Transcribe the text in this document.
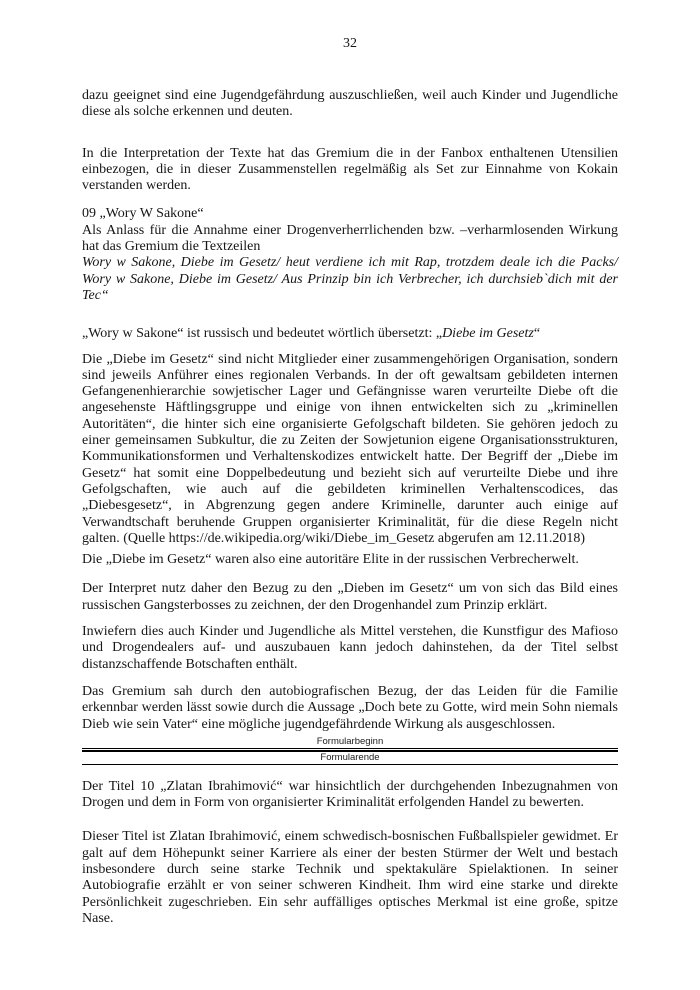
32

dazu geeignet sind eine Jugendgefährdung auszuschließen, weil auch Kinder und Jugendliche diese als solche erkennen und deuten.

In die Interpretation der Texte hat das Gremium die in der Fanbox enthaltenen Utensilien einbezogen, die in dieser Zusammenstellen regelmäßig als Set zur Einnahme von Kokain verstanden werden.

09 „Wory W Sakone“

Als Anlass für die Annahme einer Drogenverherrlichenden bzw. –verharmlosenden Wirkung hat das Gremium die Textzeilen

Wory w Sakone, Diebe im Gesetz/ heut verdiene ich mit Rap, trotzdem deale ich die Packs/ Wory w Sakone, Diebe im Gesetz/ Aus Prinzip bin ich Verbrecher, ich durchsieb`dich mit der Tec“

„Wory w Sakone“ ist russisch und bedeutet wörtlich übersetzt: „Diebe im Gesetz“

Die „Diebe im Gesetz“ sind nicht Mitglieder einer zusammengehörigen Organisation, sondern sind jeweils Anführer eines regionalen Verbands. In der oft gewaltsam gebildeten internen Gefangenenhierarchie sowjetischer Lager und Gefängnisse waren verurteilte Diebe oft die angesehenste Häftlingsgruppe und einige von ihnen entwickelten sich zu „kriminellen Autoritäten“, die hinter sich eine organisierte Gefolgschaft bildeten. Sie gehören jedoch zu einer gemeinsamen Subkultur, die zu Zeiten der Sowjetunion eigene Organisationsstrukturen, Kommunikationsformen und Verhaltenskodizes entwickelt hatte. Der Begriff der „Diebe im Gesetz“ hat somit eine Doppelbedeutung und bezieht sich auf verurteilte Diebe und ihre Gefolgschaften, wie auch auf die gebildeten kriminellen Verhaltenscodices, das „Diebesgesetz“, in Abgrenzung gegen andere Kriminelle, darunter auch einige auf Verwandtschaft beruhende Gruppen organisierter Kriminalität, für die diese Regeln nicht galten. (Quelle https://de.wikipedia.org/wiki/Diebe_im_Gesetz abgerufen am 12.11.2018)

Die „Diebe im Gesetz“ waren also eine autoritäre Elite in der russischen Verbrecherwelt.

Der Interpret nutz daher den Bezug zu den „Dieben im Gesetz“ um von sich das Bild eines russischen Gangsterbosses zu zeichnen, der den Drogenhandel zum Prinzip erklärt.

Inwiefern dies auch Kinder und Jugendliche als Mittel verstehen, die Kunstfigur des Mafioso und Drogendealers auf- und auszubauen kann jedoch dahinstehen, da der Titel selbst distanzschaffende Botschaften enthält.

Das Gremium sah durch den autobiografischen Bezug, der das Leiden für die Familie erkennbar werden lässt sowie durch die Aussage „Doch bete zu Gotte, wird mein Sohn niemals Dieb wie sein Vater“ eine mögliche jugendgefährdende Wirkung als ausgeschlossen.

Formularbeginn
Formularende

Der Titel 10 „Zlatan Ibrahimović“ war hinsichtlich der durchgehenden Inbezugnahmen von Drogen und dem in Form von organisierter Kriminalität erfolgenden Handel zu bewerten.

Dieser Titel ist Zlatan Ibrahimović, einem schwedisch-bosnischen Fußballspieler gewidmet. Er galt auf dem Höhepunkt seiner Karriere als einer der besten Stürmer der Welt und bestach insbesondere durch seine starke Technik und spektakuläre Spielaktionen. In seiner Autobiografie erzählt er von seiner schweren Kindheit. Ihm wird eine starke und direkte Persönlichkeit zugeschrieben. Ein sehr auffälliges optisches Merkmal ist eine große, spitze Nase.
